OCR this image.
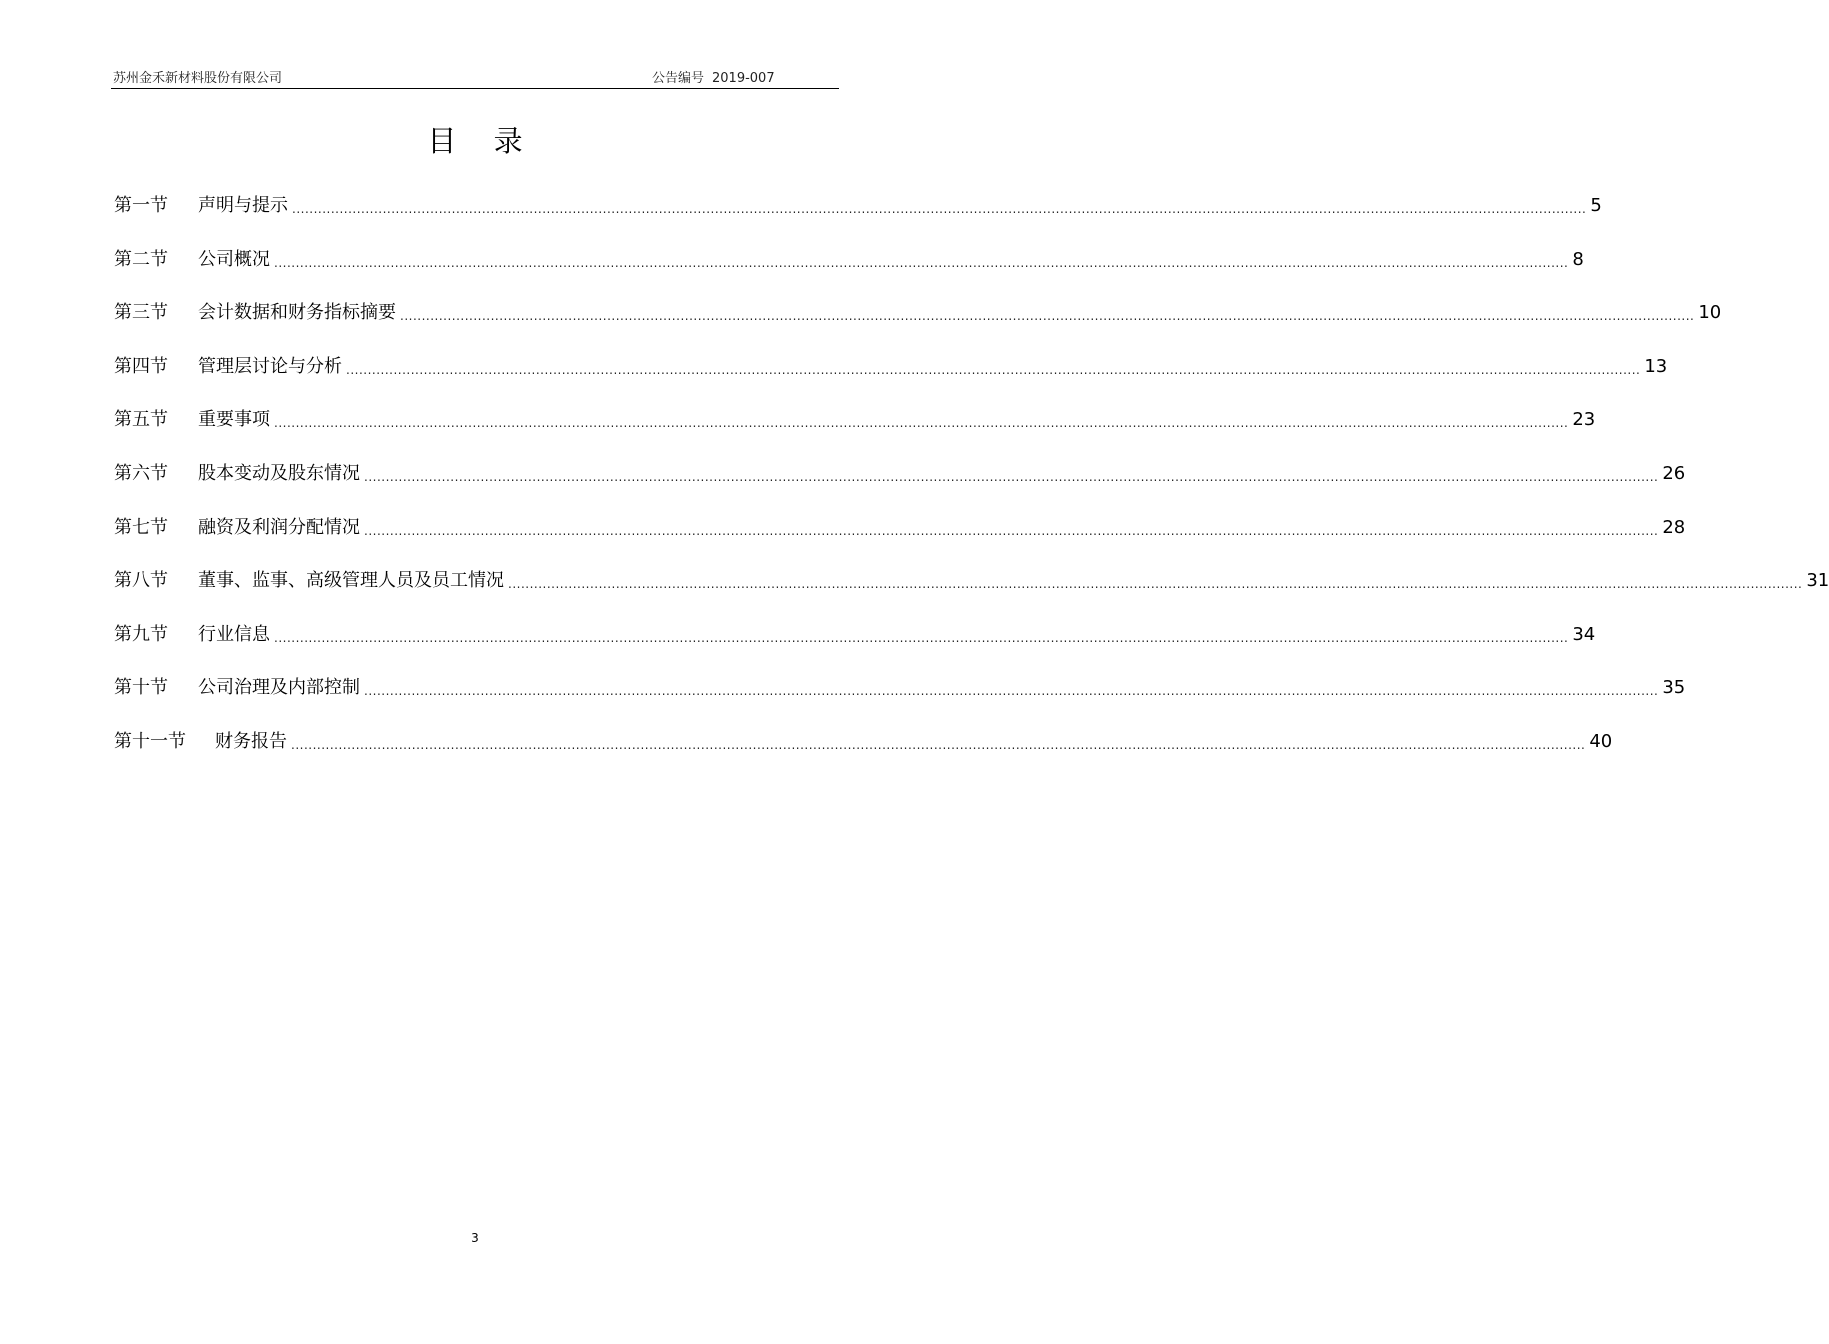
苏州金禾新材料股份有限公司	公告编号 2019-007
目 录
第一节	声明与提示 ............................................................................................................................................................................................................................................................................................................ 5
第二节	公司概况 ............................................................................................................................................................................................................................................................................................................ 8
第三节	会计数据和财务指标摘要 ............................................................................................................................................................................................................................................................................................................ 10
第四节	管理层讨论与分析 ............................................................................................................................................................................................................................................................................................................ 13
第五节	重要事项 ............................................................................................................................................................................................................................................................................................................ 23
第六节	股本变动及股东情况 ............................................................................................................................................................................................................................................................................................................ 26
第七节	融资及利润分配情况 ............................................................................................................................................................................................................................................................................................................ 28
第八节	董事、监事、高级管理人员及员工情况 ............................................................................................................................................................................................................................................................................................................ 31
第九节	行业信息 ............................................................................................................................................................................................................................................................................................................ 34
第十节	公司治理及内部控制 ............................................................................................................................................................................................................................................................................................................ 35
第十一节	财务报告 ............................................................................................................................................................................................................................................................................................................ 40
3
